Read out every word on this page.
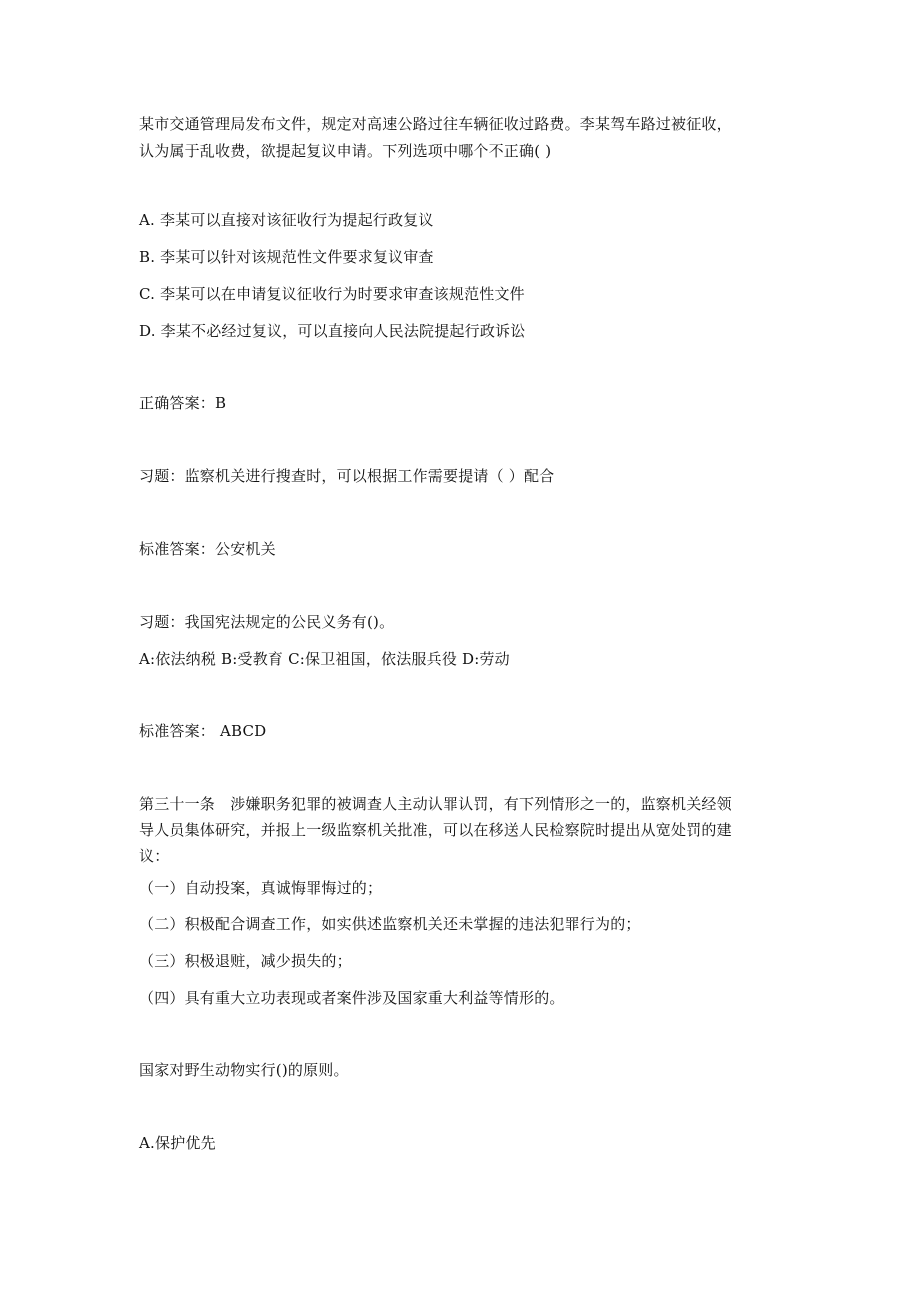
某市交通管理局发布文件，规定对高速公路过往车辆征收过路费。李某驾车路过被征收，
认为属于乱收费，欲提起复议申请。下列选项中哪个不正确( )
A. 李某可以直接对该征收行为提起行政复议
B. 李某可以针对该规范性文件要求复议审查
C. 李某可以在申请复议征收行为时要求审查该规范性文件
D. 李某不必经过复议，可以直接向人民法院提起行政诉讼
正确答案：B
习题：监察机关进行搜查时，可以根据工作需要提请（ ）配合
标准答案：公安机关
习题：我国宪法规定的公民义务有()。
A:依法纳税 B:受教育 C:保卫祖国，依法服兵役 D:劳动
标准答案： ABCD
第三十一条　涉嫌职务犯罪的被调查人主动认罪认罚，有下列情形之一的，监察机关经领
导人员集体研究，并报上一级监察机关批准，可以在移送人民检察院时提出从宽处罚的建
议：
（一）自动投案，真诚悔罪悔过的；
（二）积极配合调查工作，如实供述监察机关还未掌握的违法犯罪行为的；
（三）积极退赃，减少损失的；
（四）具有重大立功表现或者案件涉及国家重大利益等情形的。
国家对野生动物实行()的原则。
A.保护优先
